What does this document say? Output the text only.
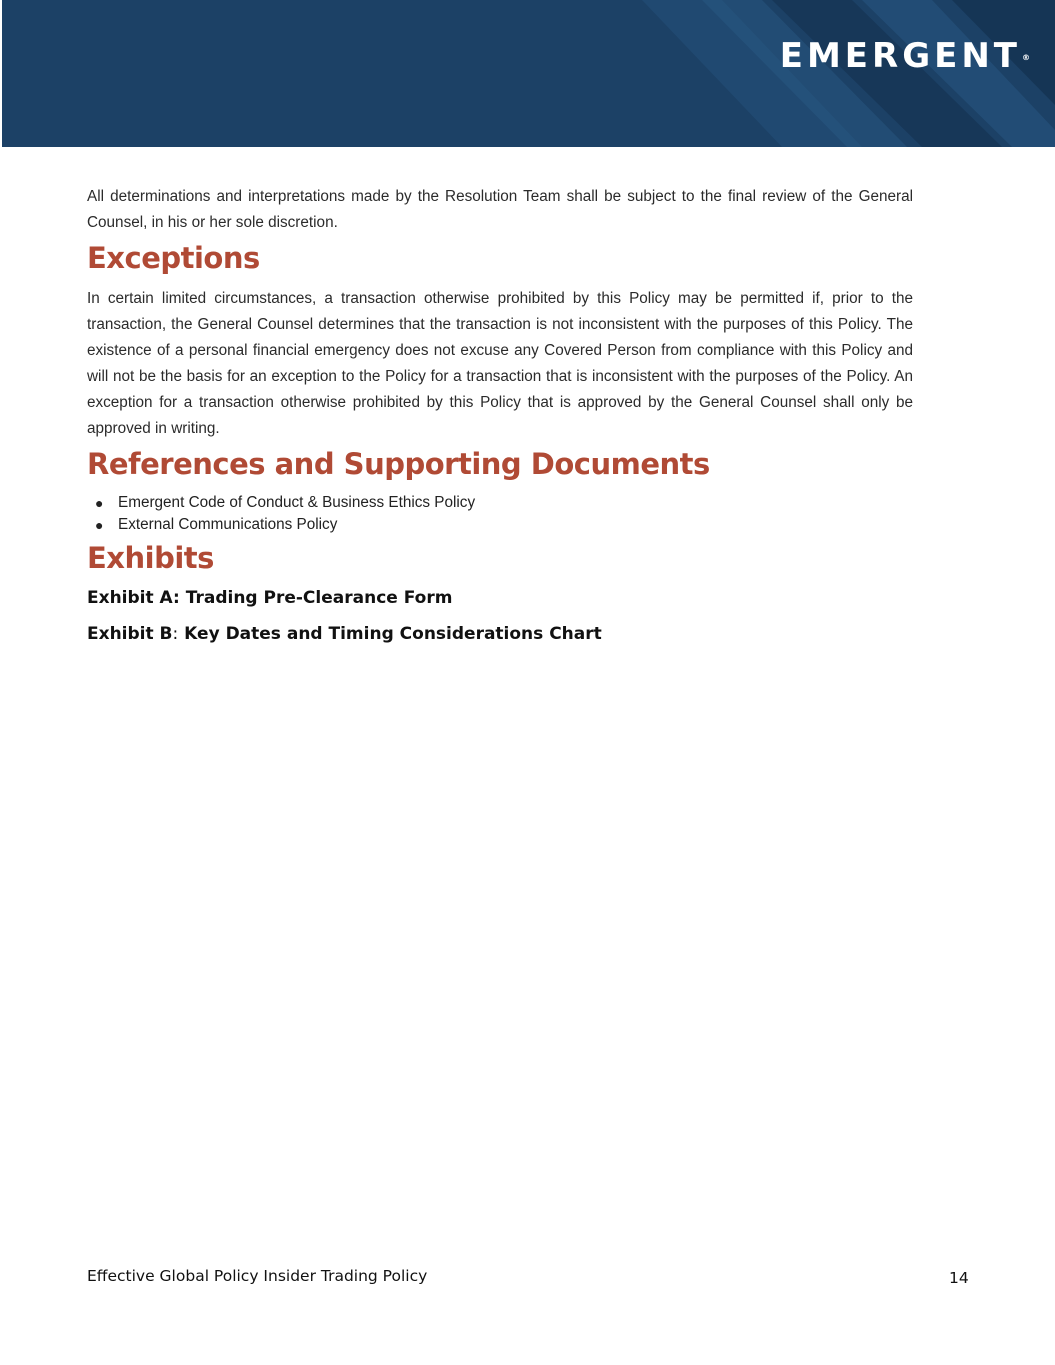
EMERGENT®

All determinations and interpretations made by the Resolution Team shall be subject to the final review of the General Counsel, in his or her sole discretion.

Exceptions

In certain limited circumstances, a transaction otherwise prohibited by this Policy may be permitted if, prior to the transaction, the General Counsel determines that the transaction is not inconsistent with the purposes of this Policy. The existence of a personal financial emergency does not excuse any Covered Person from compliance with this Policy and will not be the basis for an exception to the Policy for a transaction that is inconsistent with the purposes of the Policy. An exception for a transaction otherwise prohibited by this Policy that is approved by the General Counsel shall only be approved in writing.

References and Supporting Documents
● Emergent Code of Conduct & Business Ethics Policy
● External Communications Policy
Exhibits

Exhibit A: Trading Pre-Clearance Form

Exhibit B: Key Dates and Timing Considerations Chart

Effective Global Policy Insider Trading Policy	14
